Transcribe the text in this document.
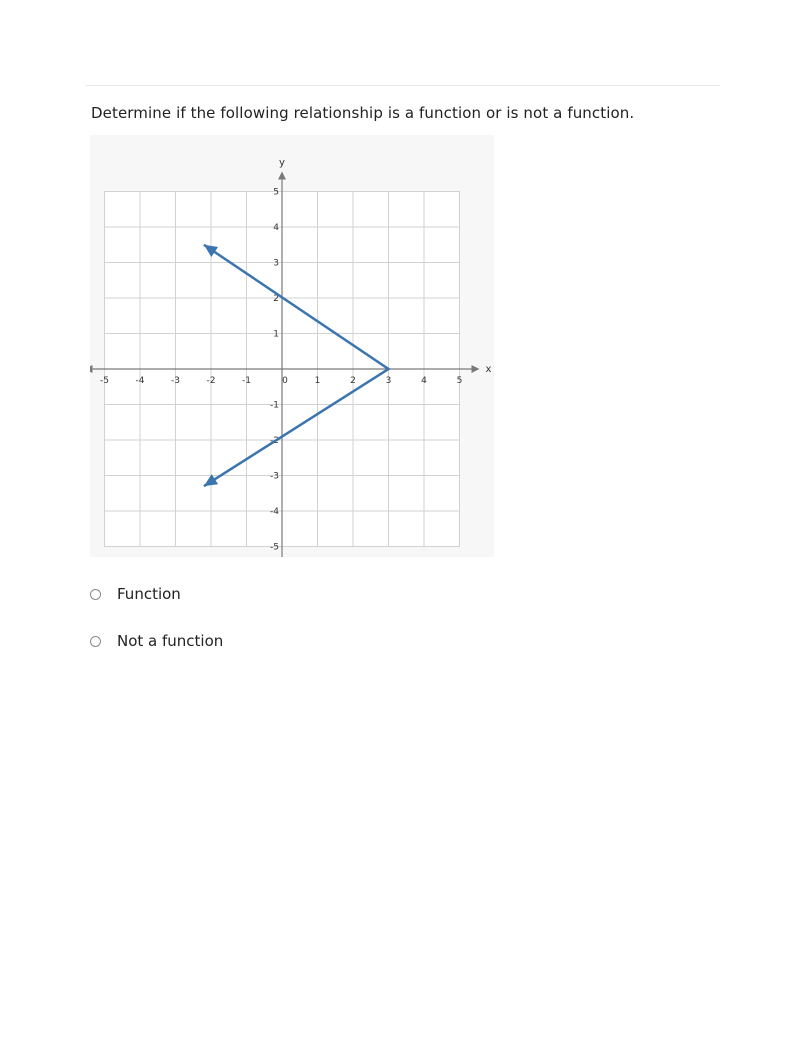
Determine if the following relationship is a function or is not a function.
x
y
-5	-4	-3	-2	-1	0	1	2	3	4	5
-5
-4
-3
-2
-1
1
2
3
4
5
Function
Not a function
